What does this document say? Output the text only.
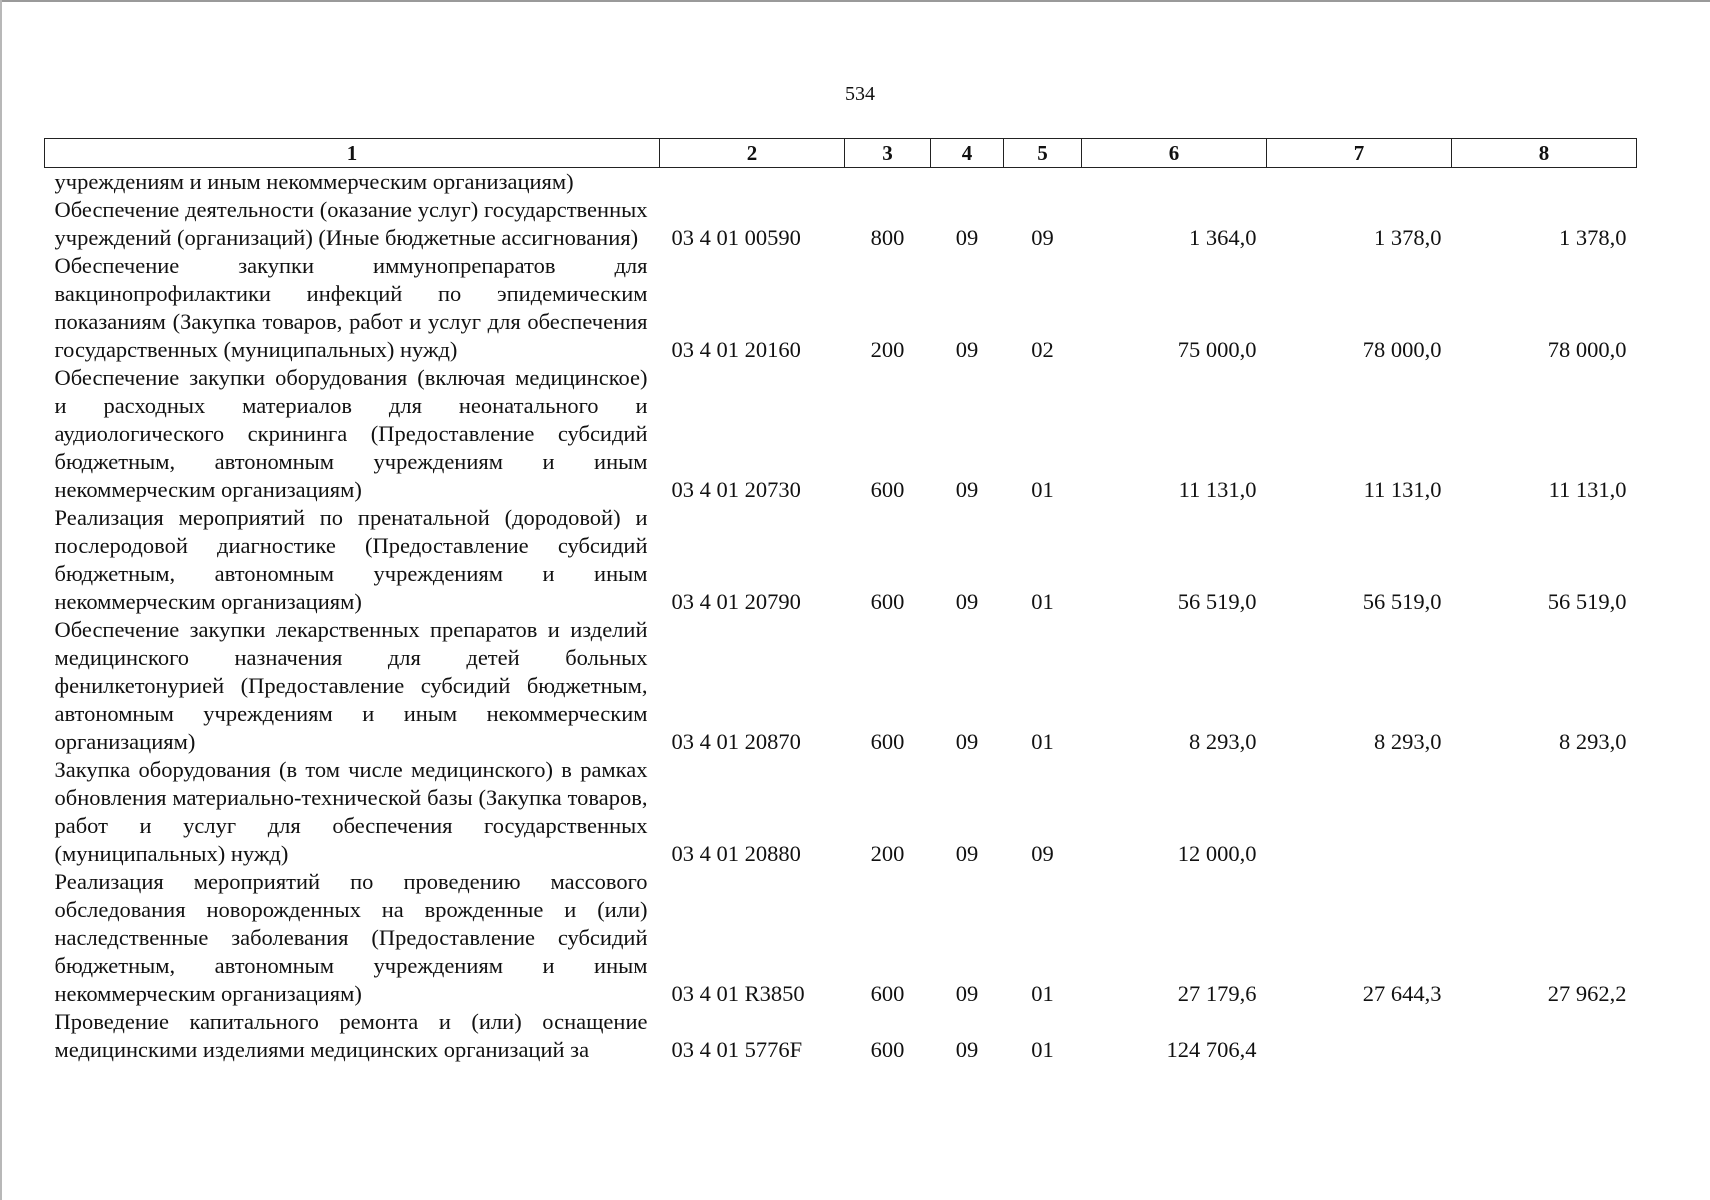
534
1	2	3	4	5	6	7	8
учреждениям и иным некоммерческим организациям)							
Обеспечение деятельности (оказание услуг) государственных учреждений (организаций) (Иные бюджетные ассигнования)	03 4 01 00590	800	09	09	1 364,0	1 378,0	1 378,0
Обеспечение закупки иммунопрепаратов для вакцинопрофилактики инфекций по эпидемическим показаниям (Закупка товаров, работ и услуг для обеспечения государственных (муниципальных) нужд)	03 4 01 20160	200	09	02	75 000,0	78 000,0	78 000,0
Обеспечение закупки оборудования (включая медицинское) и расходных материалов для неонатального и аудиологического скрининга (Предоставление субсидий бюджетным, автономным учреждениям и иным некоммерческим организациям)	03 4 01 20730	600	09	01	11 131,0	11 131,0	11 131,0
Реализация мероприятий по пренатальной (дородовой) и послеродовой диагностике (Предоставление субсидий бюджетным, автономным учреждениям и иным некоммерческим организациям)	03 4 01 20790	600	09	01	56 519,0	56 519,0	56 519,0
Обеспечение закупки лекарственных препаратов и изделий медицинского назначения для детей больных фенилкетонурией (Предоставление субсидий бюджетным, автономным учреждениям и иным некоммерческим организациям)	03 4 01 20870	600	09	01	8 293,0	8 293,0	8 293,0
Закупка оборудования (в том числе медицинского) в рамках обновления материально-технической базы (Закупка товаров, работ и услуг для обеспечения государственных (муниципальных) нужд)	03 4 01 20880	200	09	09	12 000,0		
Реализация мероприятий по проведению массового обследования новорожденных на врожденные и (или) наследственные заболевания (Предоставление субсидий бюджетным, автономным учреждениям и иным некоммерческим организациям)	03 4 01 R3850	600	09	01	27 179,6	27 644,3	27 962,2
Проведение капитального ремонта и (или) оснащение медицинскими изделиями медицинских организаций за	03 4 01 5776F	600	09	01	124 706,4		
